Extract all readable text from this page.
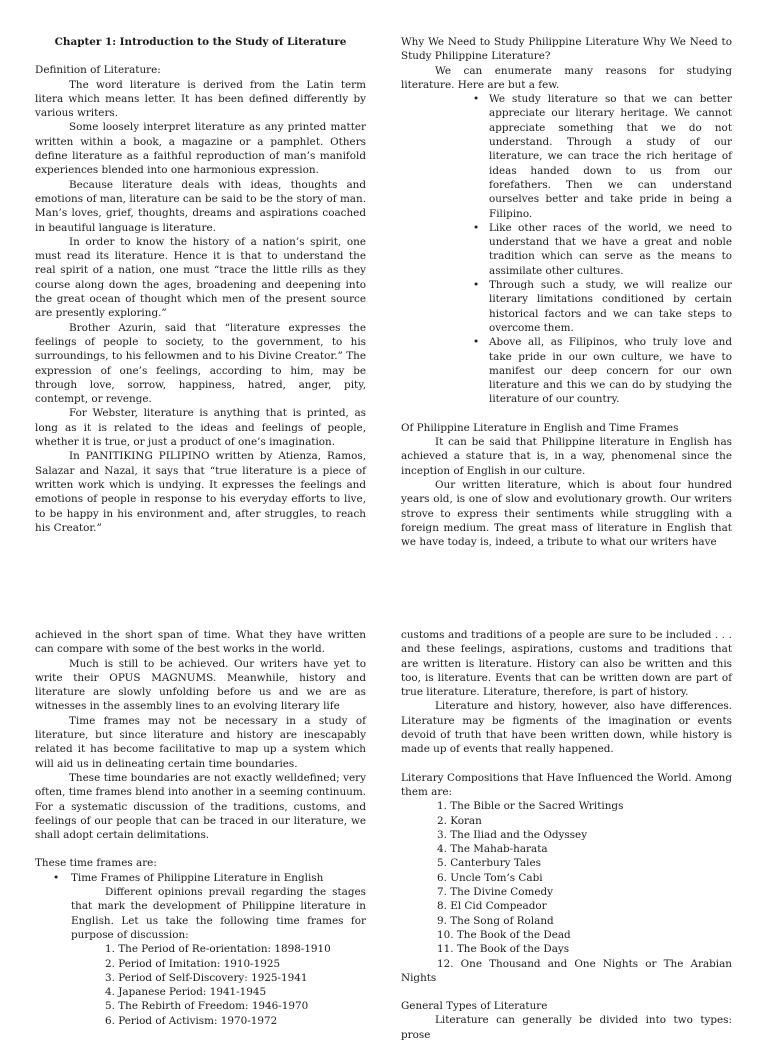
Chapter 1: Introduction to the Study of Literature

Definition of Literature:

The word literature is derived from the Latin term litera which means letter. It has been defined differently by various writers.

Some loosely interpret literature as any printed matter written within a book, a magazine or a pamphlet. Others define literature as a faithful reproduction of man’s manifold experiences blended into one harmonious expression.

Because literature deals with ideas, thoughts and emotions of man, literature can be said to be the story of man. Man’s loves, grief, thoughts, dreams and aspirations coached in beautiful language is literature.

In order to know the history of a nation’s spirit, one must read its literature. Hence it is that to understand the real spirit of a nation, one must “trace the little rills as they course along down the ages, broadening and deepening into the great ocean of thought which men of the present source are presently exploring.”

Brother Azurin, said that “literature expresses the feelings of people to society, to the government, to his surroundings, to his fellowmen and to his Divine Creator.” The expression of one’s feelings, according to him, may be through love, sorrow, happiness, hatred, anger, pity, contempt, or revenge.

For Webster, literature is anything that is printed, as long as it is related to the ideas and feelings of people, whether it is true, or just a product of one’s imagination.

In PANITIKING PILIPINO written by Atienza, Ramos, Salazar and Nazal, it says that “true literature is a piece of written work which is undying. It expresses the feelings and emotions of people in response to his everyday efforts to live, to be happy in his environment and, after struggles, to reach his Creator.”

Why We Need to Study Philippine Literature Why We Need to Study Philippine Literature?

We can enumerate many reasons for studying literature. Here are but a few.

• We study literature so that we can better appreciate our literary heritage. We cannot appreciate something that we do not understand. Through a study of our literature, we can trace the rich heritage of ideas handed down to us from our forefathers. Then we can understand ourselves better and take pride in being a Filipino.
• Like other races of the world, we need to understand that we have a great and noble tradition which can serve as the means to assimilate other cultures.
• Through such a study, we will realize our literary limitations conditioned by certain historical factors and we can take steps to overcome them.
• Above all, as Filipinos, who truly love and take pride in our own culture, we have to manifest our deep concern for our own literature and this we can do by studying the literature of our country.

Of Philippine Literature in English and Time Frames

It can be said that Philippine literature in English has achieved a stature that is, in a way, phenomenal since the inception of English in our culture.

Our written literature, which is about four hundred years old, is one of slow and evolutionary growth. Our writers strove to express their sentiments while struggling with a foreign medium. The great mass of literature in English that we have today is, indeed, a tribute to what our writers have

achieved in the short span of time. What they have written can compare with some of the best works in the world.

Much is still to be achieved. Our writers have yet to write their OPUS MAGNUMS. Meanwhile, history and literature are slowly unfolding before us and we are as witnesses in the assembly lines to an evolving literary life

Time frames may not be necessary in a study of literature, but since literature and history are inescapably related it has become facilitative to map up a system which will aid us in delineating certain time boundaries.

These time boundaries are not exactly welldefined; very often, time frames blend into another in a seeming continuum. For a systematic discussion of the traditions, customs, and feelings of our people that can be traced in our literature, we shall adopt certain delimitations.

These time frames are:

• Time Frames of Philippine Literature in English
Different opinions prevail regarding the stages that mark the development of Philippine literature in English. Let us take the following time frames for purpose of discussion:
1. The Period of Re-orientation: 1898-1910
2. Period of Imitation: 1910-1925
3. Period of Self-Discovery: 1925-1941
4. Japanese Period: 1941-1945
5. The Rebirth of Freedom: 1946-1970
6. Period of Activism: 1970-1972

customs and traditions of a people are sure to be included . . . and these feelings, aspirations, customs and traditions that are written is literature. History can also be written and this too, is literature. Events that can be written down are part of true literature. Literature, therefore, is part of history.

Literature and history, however, also have differences. Literature may be figments of the imagination or events devoid of truth that have been written down, while history is made up of events that really happened.

Literary Compositions that Have Influenced the World. Among them are:

1. The Bible or the Sacred Writings
2. Koran
3. The Iliad and the Odyssey
4. The Mahab-harata
5. Canterbury Tales
6. Uncle Tom’s Cabi
7. The Divine Comedy
8. El Cid Compeador
9. The Song of Roland
10. The Book of the Dead
11. The Book of the Days
12. One Thousand and One Nights or The Arabian Nights

General Types of Literature

Literature can generally be divided into two types: prose
